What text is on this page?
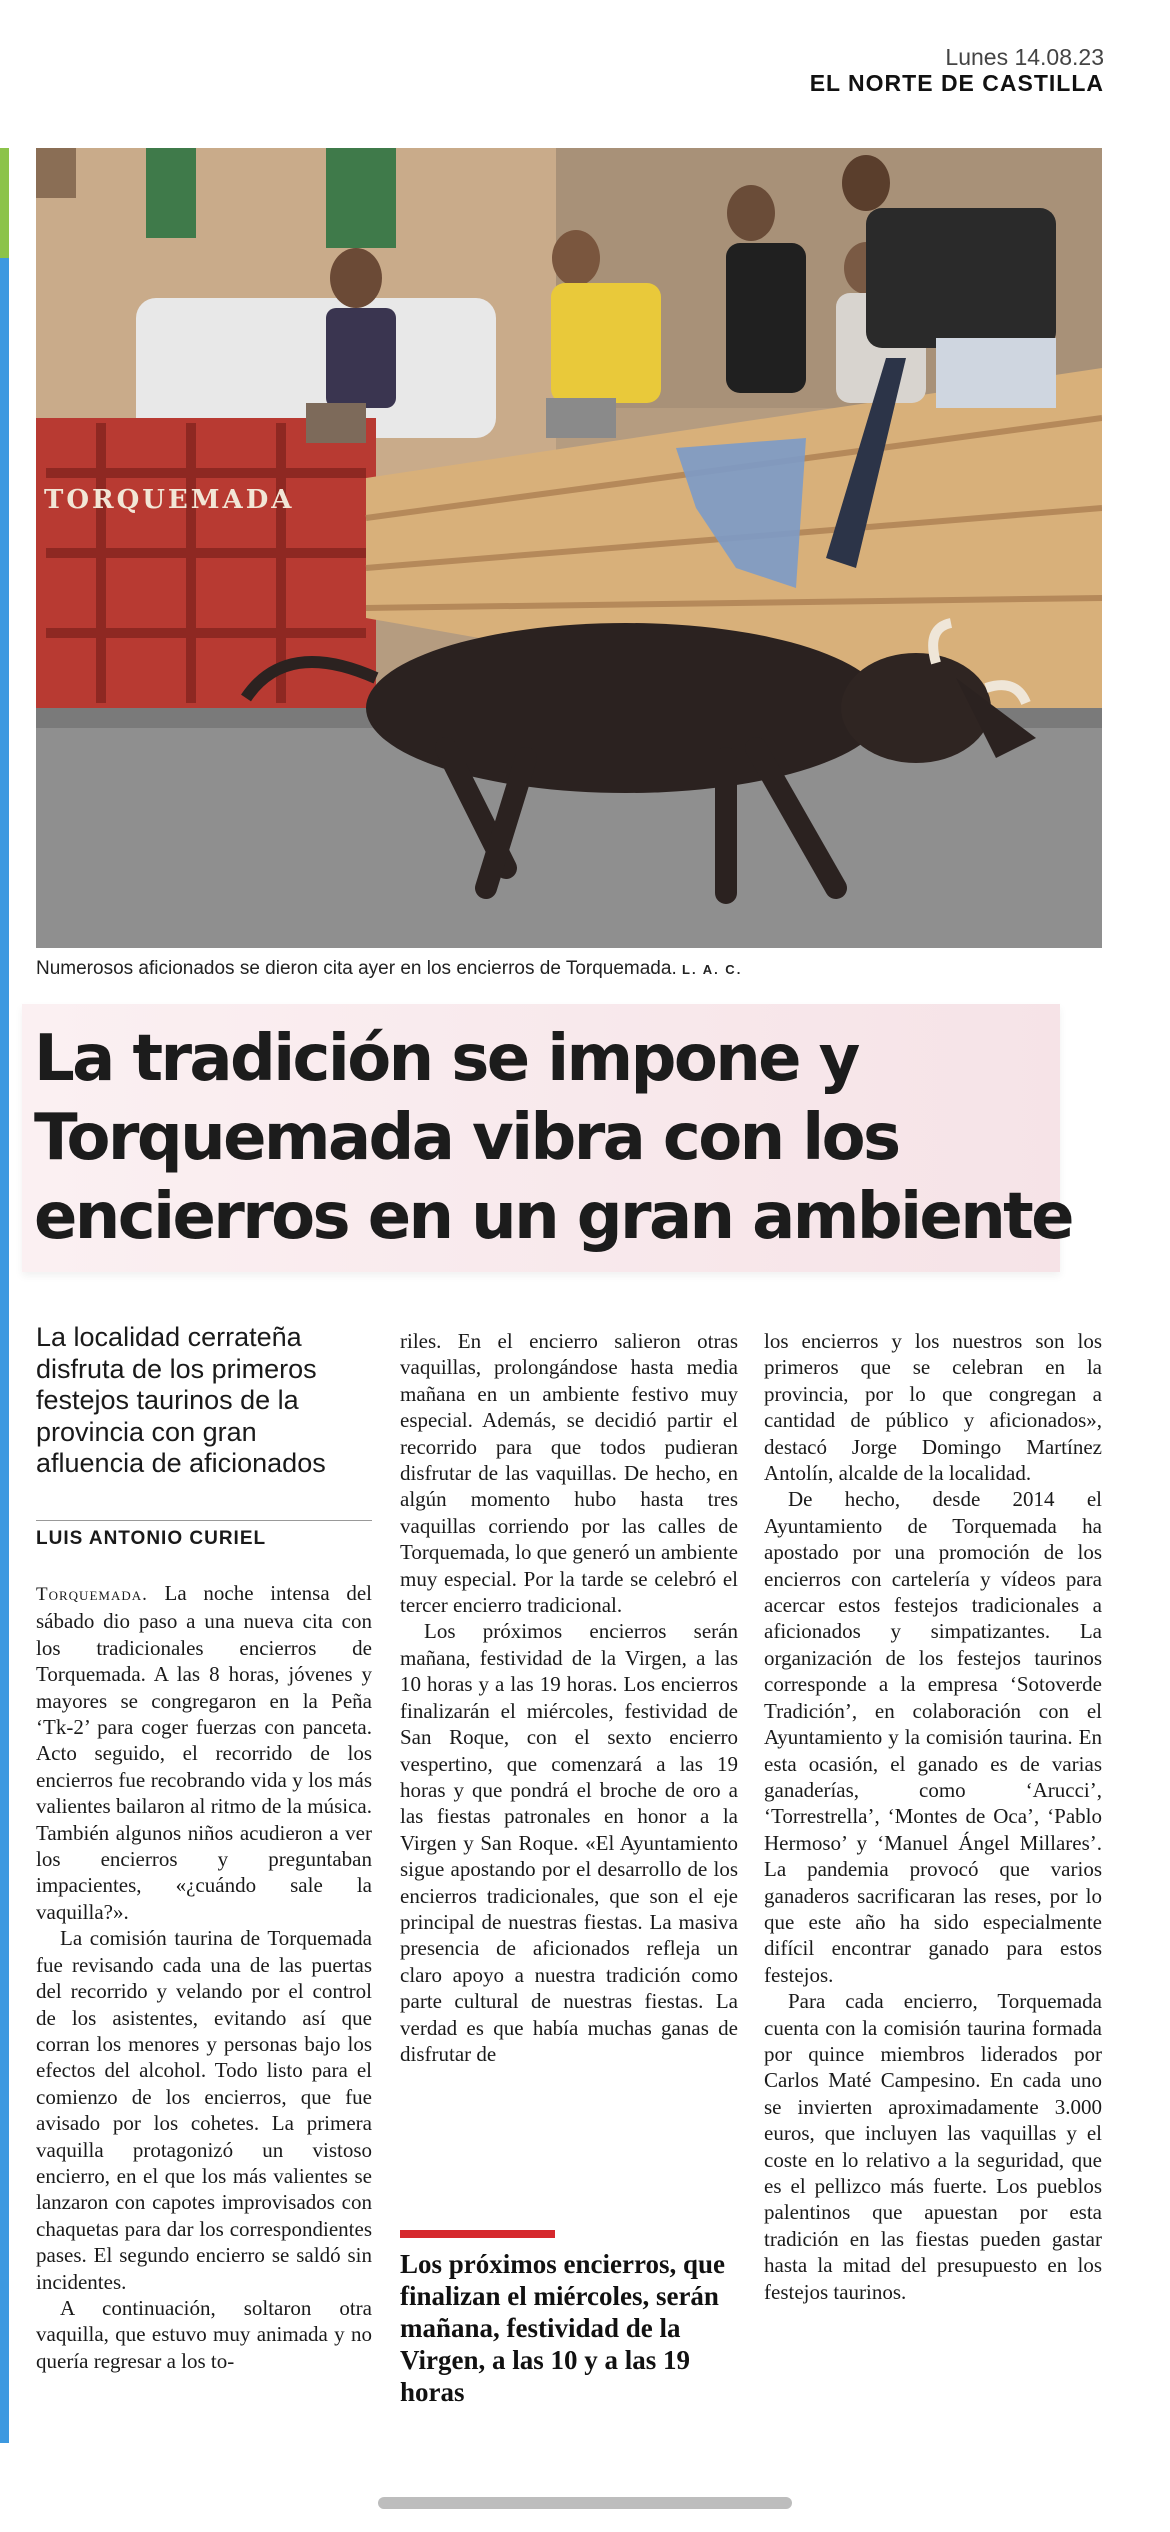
Lunes 14.08.23
EL NORTE DE CASTILLA
TORQUEMADA
Numerosos aficionados se dieron cita ayer en los encierros de Torquemada. L. A. C.
La tradición se impone y
Torquemada vibra con los
encierros en un gran ambiente
La localidad cerrateña
disfruta de los primeros
festejos taurinos de la
provincia con gran
afluencia de aficionados
LUIS ANTONIO CURIEL

Torquemada. La noche intensa del sábado dio paso a una nueva cita con los tradicionales encierros de Torquemada. A las 8 horas, jóvenes y mayores se congregaron en la Peña ‘Tk-2’ para coger fuerzas con panceta. Acto seguido, el recorrido de los encierros fue recobrando vida y los más valientes bailaron al ritmo de la música. También algunos niños acudieron a ver los encierros y preguntaban impacientes, «¿cuándo sale la vaquilla?».

La comisión taurina de Torquemada fue revisando cada una de las puertas del recorrido y velando por el control de los asistentes, evitando así que corran los menores y personas bajo los efectos del alcohol. Todo listo para el comienzo de los encierros, que fue avisado por los cohetes. La primera vaquilla protagonizó un vistoso encierro, en el que los más valientes se lanzaron con capotes improvisados con chaquetas para dar los correspondientes pases. El segundo encierro se saldó sin incidentes.

A continuación, soltaron otra vaquilla, que estuvo muy animada y no quería regresar a los to-

riles. En el encierro salieron otras vaquillas, prolongándose hasta media mañana en un ambiente festivo muy especial. Además, se decidió partir el recorrido para que todos pudieran disfrutar de las vaquillas. De hecho, en algún momento hubo hasta tres vaquillas corriendo por las calles de Torquemada, lo que generó un ambiente muy especial. Por la tarde se celebró el tercer encierro tradicional.

Los próximos encierros serán mañana, festividad de la Virgen, a las 10 horas y a las 19 horas. Los encierros finalizarán el miércoles, festividad de San Roque, con el sexto encierro vespertino, que comenzará a las 19 horas y que pondrá el broche de oro a las fiestas patronales en honor a la Virgen y San Roque. «El Ayuntamiento sigue apostando por el desarrollo de los encierros tradicionales, que son el eje principal de nuestras fiestas. La masiva presencia de aficionados refleja un claro apoyo a nuestra tradición como parte cultural de nuestras fiestas. La verdad es que había muchas ganas de disfrutar de

Los próximos encierros, que finalizan el miércoles, serán mañana, festividad de la Virgen, a las 10 y a las 19 horas

los encierros y los nuestros son los primeros que se celebran en la provincia, por lo que congregan a cantidad de público y aficionados», destacó Jorge Domingo Martínez Antolín, alcalde de la localidad.

De hecho, desde 2014 el Ayuntamiento de Torquemada ha apostado por una promoción de los encierros con cartelería y vídeos para acercar estos festejos tradicionales a aficionados y simpatizantes. La organización de los festejos taurinos corresponde a la empresa ‘Sotoverde Tradición’, en colaboración con el Ayuntamiento y la comisión taurina. En esta ocasión, el ganado es de varias ganaderías, como ‘Arucci’, ‘Torrestrella’, ‘Montes de Oca’, ‘Pablo Hermoso’ y ‘Manuel Ángel Millares’. La pandemia provocó que varios ganaderos sacrificaran las reses, por lo que este año ha sido especialmente difícil encontrar ganado para estos festejos.

Para cada encierro, Torquemada cuenta con la comisión taurina formada por quince miembros liderados por Carlos Maté Campesino. En cada uno se invierten aproximadamente 3.000 euros, que incluyen las vaquillas y el coste en lo relativo a la seguridad, que es el pellizco más fuerte. Los pueblos palentinos que apuestan por esta tradición en las fiestas pueden gastar hasta la mitad del presupuesto en los festejos taurinos.
